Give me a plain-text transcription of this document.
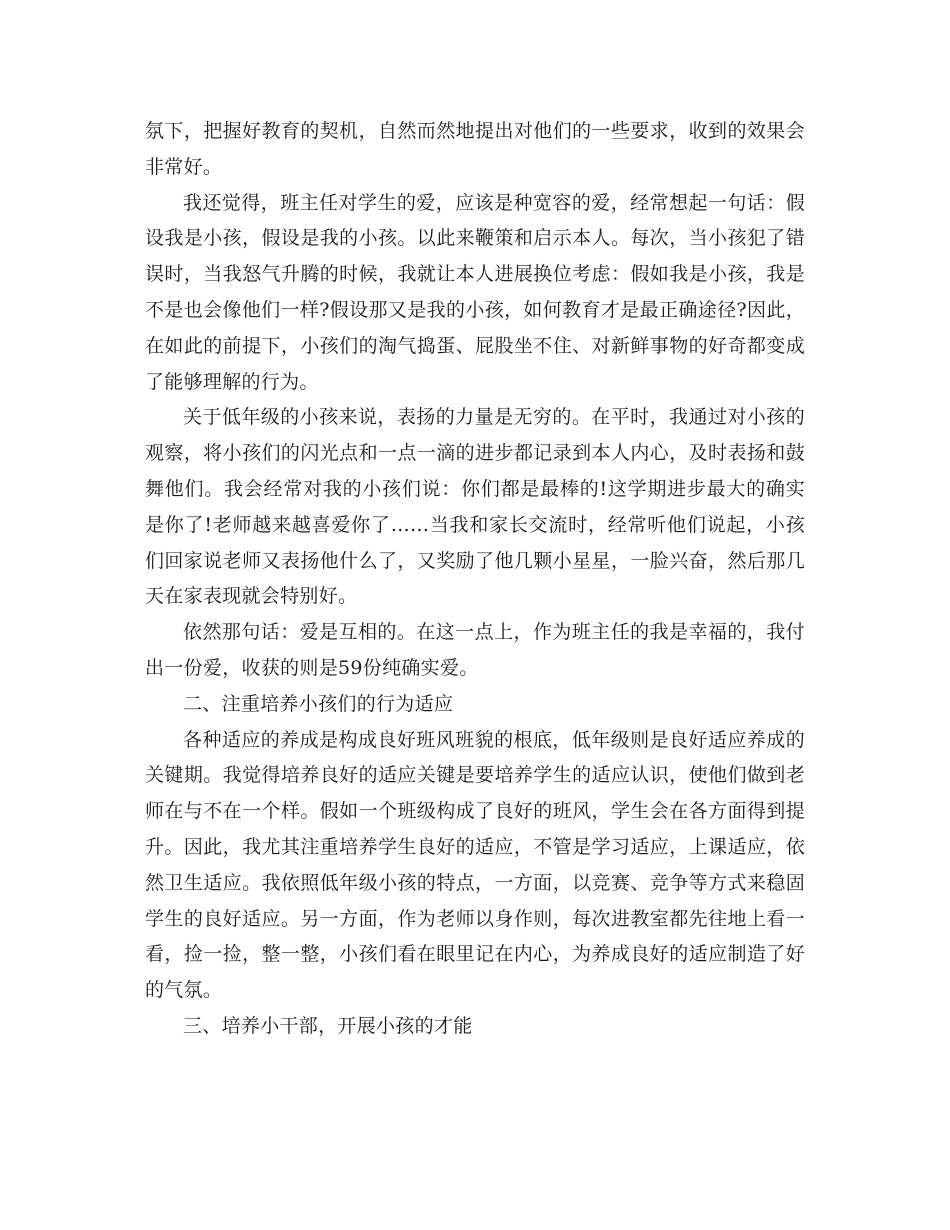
氛下，把握好教育的契机，自然而然地提出对他们的一些要求，收到的效果会非常好。

我还觉得，班主任对学生的爱，应该是种宽容的爱，经常想起一句话：假设我是小孩，假设是我的小孩。以此来鞭策和启示本人。每次，当小孩犯了错误时，当我怒气升腾的时候，我就让本人进展换位考虑：假如我是小孩，我是不是也会像他们一样?假设那又是我的小孩，如何教育才是最正确途径?因此，在如此的前提下，小孩们的淘气捣蛋、屁股坐不住、对新鲜事物的好奇都变成了能够理解的行为。

关于低年级的小孩来说，表扬的力量是无穷的。在平时，我通过对小孩的观察，将小孩们的闪光点和一点一滴的进步都记录到本人内心，及时表扬和鼓舞他们。我会经常对我的小孩们说：你们都是最棒的!这学期进步最大的确实是你了!老师越来越喜爱你了……当我和家长交流时，经常听他们说起，小孩们回家说老师又表扬他什么了，又奖励了他几颗小星星，一脸兴奋，然后那几天在家表现就会特别好。

依然那句话：爱是互相的。在这一点上，作为班主任的我是幸福的，我付出一份爱，收获的则是59份纯确实爱。

二、注重培养小孩们的行为适应

各种适应的养成是构成良好班风班貌的根底，低年级则是良好适应养成的关键期。我觉得培养良好的适应关键是要培养学生的适应认识，使他们做到老师在与不在一个样。假如一个班级构成了良好的班风，学生会在各方面得到提升。因此，我尤其注重培养学生良好的适应，不管是学习适应，上课适应，依然卫生适应。我依照低年级小孩的特点，一方面，以竞赛、竞争等方式来稳固学生的良好适应。另一方面，作为老师以身作则，每次进教室都先往地上看一看，捡一捡，整一整，小孩们看在眼里记在内心，为养成良好的适应制造了好的气氛。

三、培养小干部，开展小孩的才能
